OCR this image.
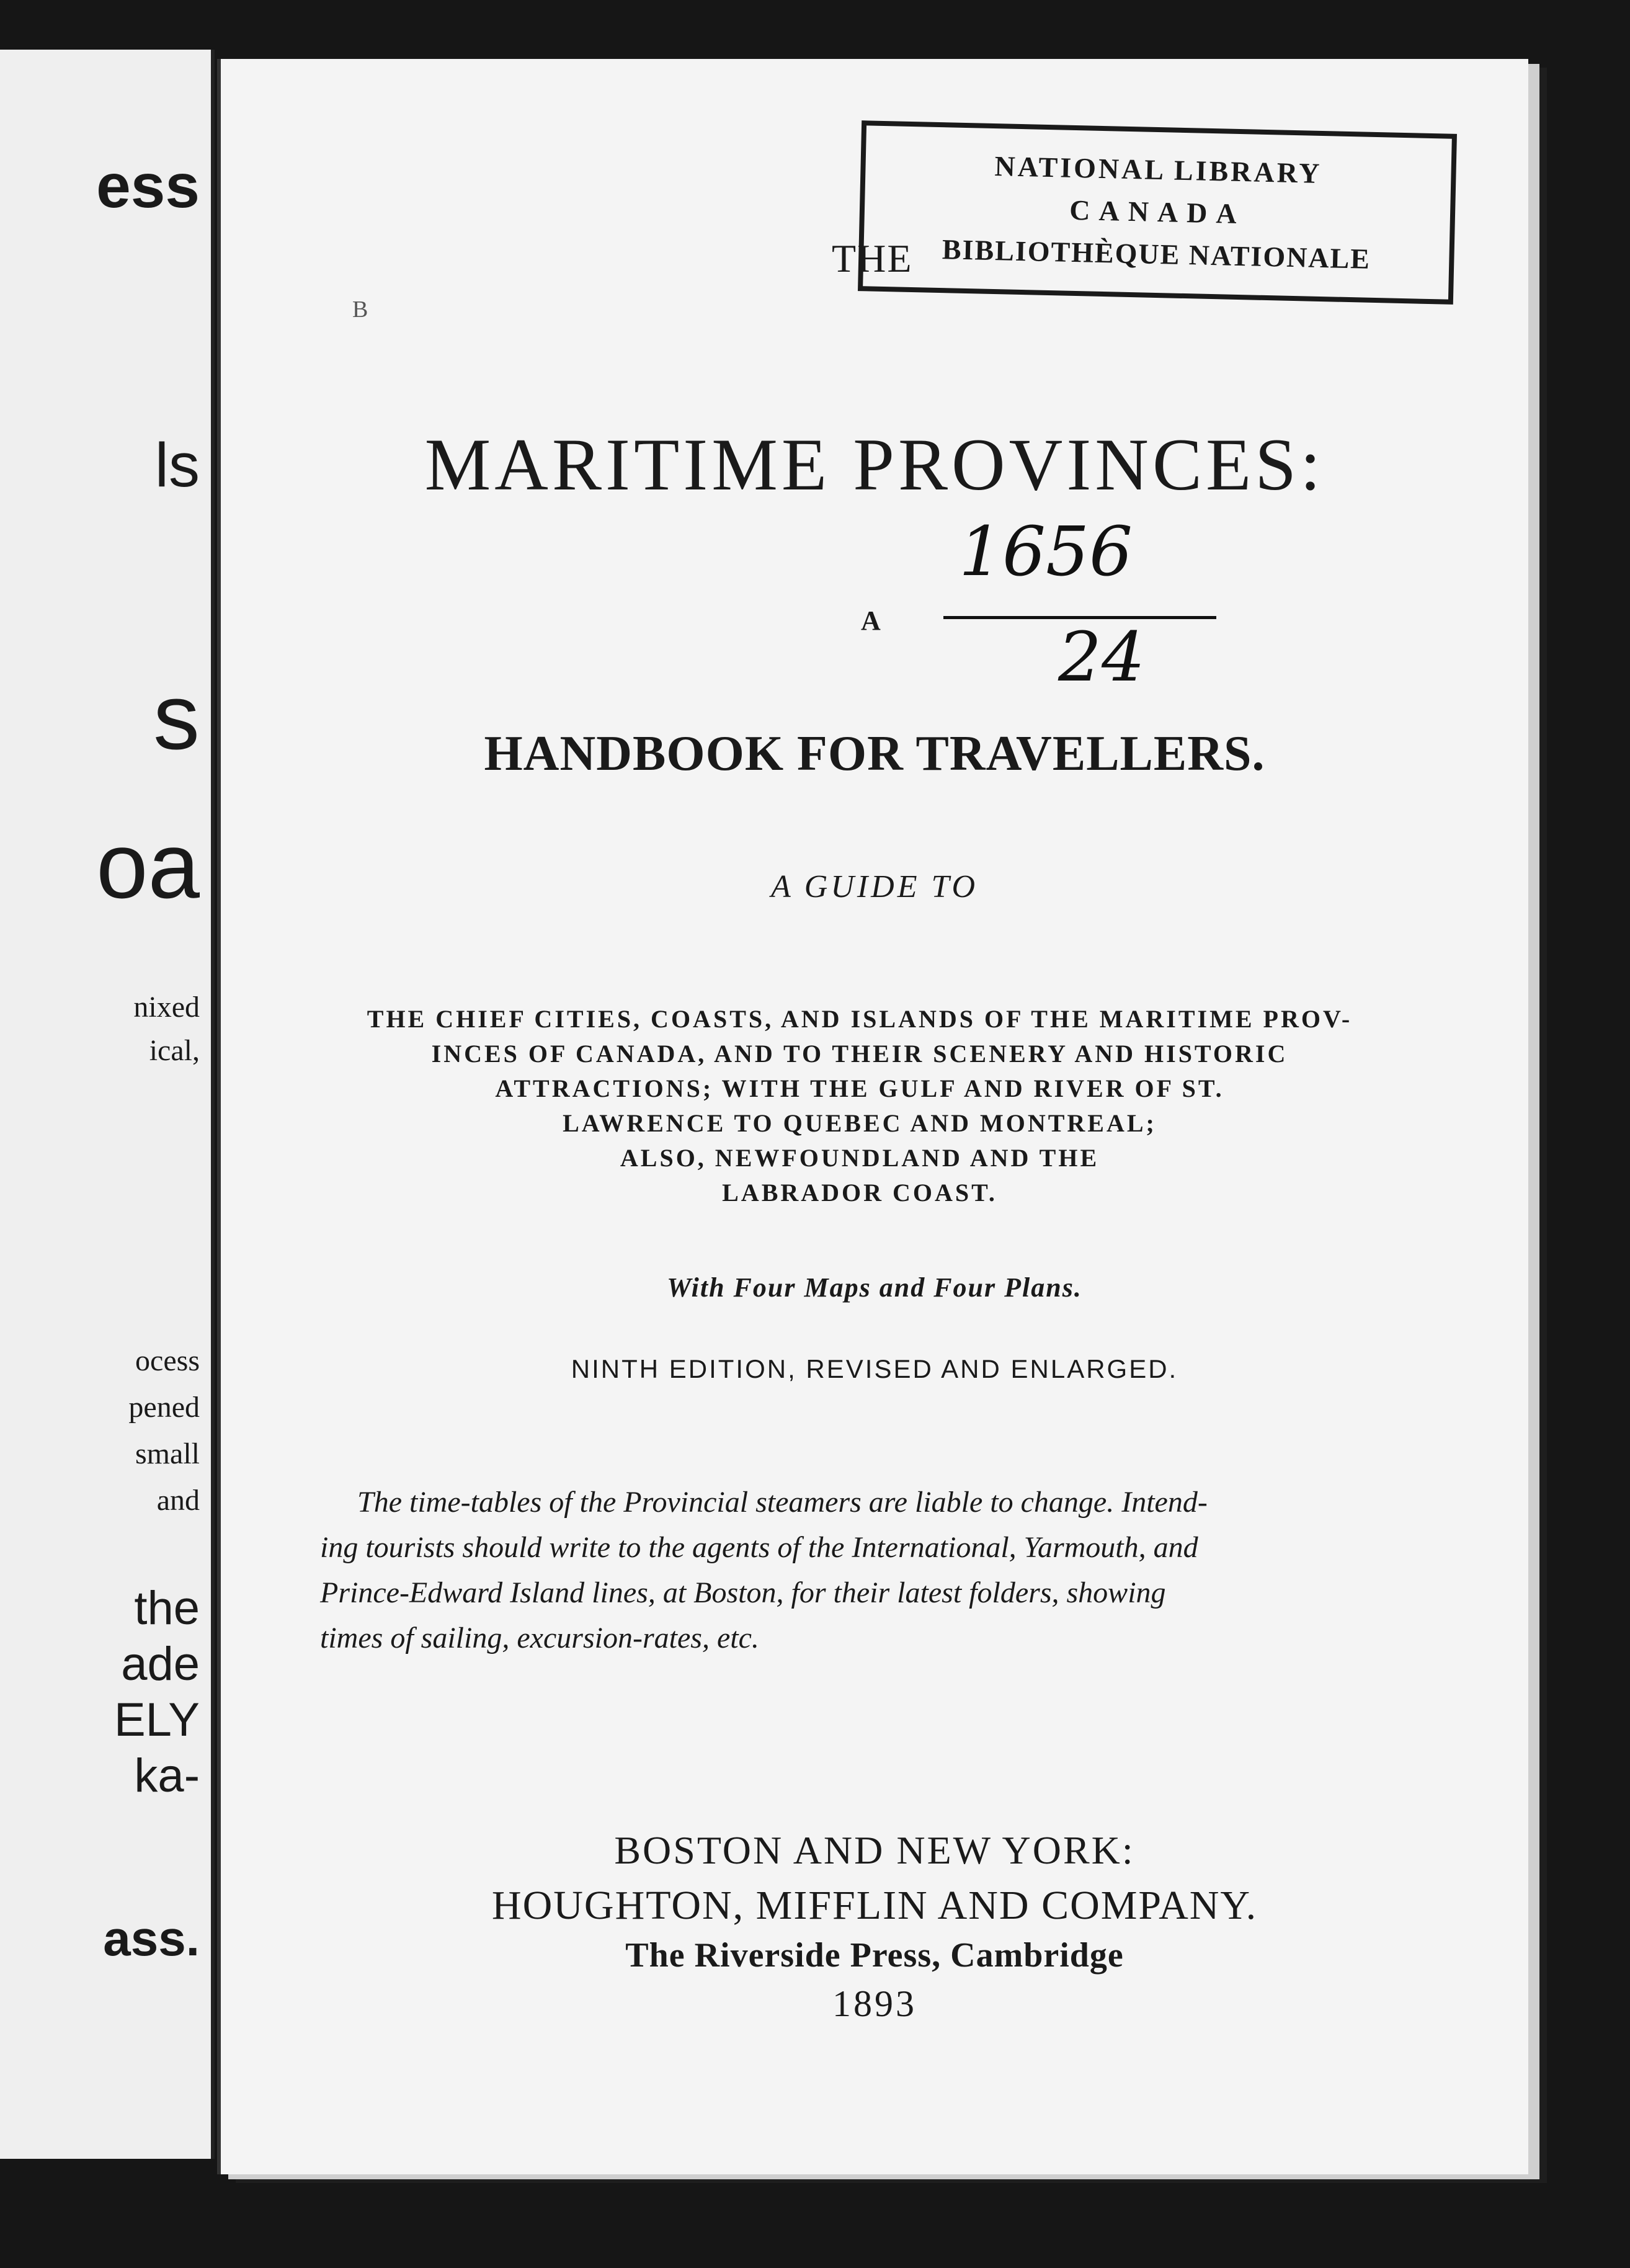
ess

ls

s

oa

nixed

ical,

ocess

pened

small

and

the

ade

ELY

ka-

ass.

NATIONAL LIBRARY
CANADA
BIBLIOTHÈQUE NATIONALE
THE
B
MARITIME PROVINCES:
A
1656
24
HANDBOOK FOR TRAVELLERS.
A GUIDE TO
THE CHIEF CITIES, COASTS, AND ISLANDS OF THE MARITIME PROV-
INCES OF CANADA, AND TO THEIR SCENERY AND HISTORIC
ATTRACTIONS; WITH THE GULF AND RIVER OF ST.
LAWRENCE TO QUEBEC AND MONTREAL;
ALSO, NEWFOUNDLAND AND THE
LABRADOR COAST.
With Four Maps and Four Plans.
NINTH EDITION, REVISED AND ENLARGED.
The time-tables of the Provincial steamers are liable to change. Intend-
ing tourists should write to the agents of the International, Yarmouth, and
Prince-Edward Island lines, at Boston, for their latest folders, showing
times of sailing, excursion-rates, etc.
BOSTON AND NEW YORK:
HOUGHTON, MIFFLIN AND COMPANY.
The Riverside Press, Cambridge
1893
